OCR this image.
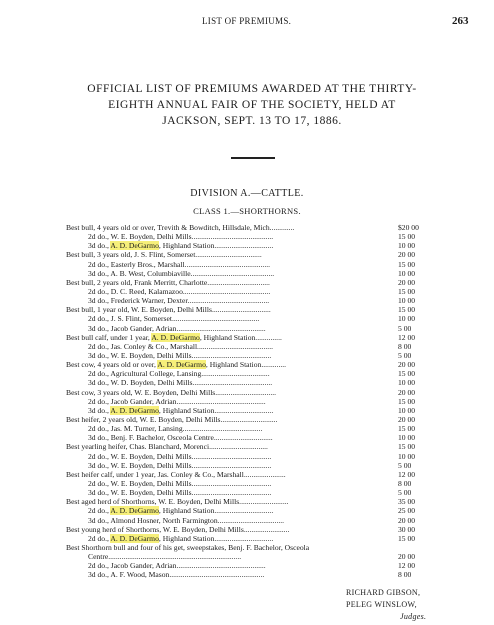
LIST OF PREMIUMS.	263
OFFICIAL LIST OF PREMIUMS AWARDED AT THE THIRTY-
EIGHTH ANNUAL FAIR OF THE SOCIETY, HELD AT
JACKSON, SEPT. 13 TO 17, 1886.
DIVISION A.—CATTLE.
CLASS 1.—SHORTHORNS.
Best bull, 4 years old or over, Trevith & Bowditch, Hillsdale, Mich.............	$20 00
2d do., W. E. Boyden, Delhi Mills...........................................	15 00
3d do., A. D. DeGarmo, Highland Station...............................	10 00
Best bull, 3 years old, J. S. Flint, Somerset...................................	20 00
2d do., Easterly Bros., Marshall.............................................	15 00
3d do., A. B. West, Columbiaville............................................	10 00
Best bull, 2 years old, Frank Merritt, Charlotte.................................	20 00
2d do., D. C. Reed, Kalamazoo..............................................	15 00
3d do., Frederick Warner, Dexter...........................................	10 00
Best bull, 1 year old, W. E. Boyden, Delhi Mills...............................	15 00
2d do., J. S. Flint, Somerset..............................................	10 00
3d do., Jacob Gander, Adrian...............................................	5 00
Best bull calf, under 1 year, A. D. DeGarmo, Highland Station..............	12 00
2d do., Jas. Conley & Co., Marshall........................................	8 00
3d do., W. E. Boyden, Delhi Mills..........................................	5 00
Best cow, 4 years old or over, A. D. DeGarmo, Highland Station.............	20 00
2d do., Agricultural College, Lansing....................................	15 00
3d do., W. D. Boyden, Delhi Mills..........................................	10 00
Best cow, 3 years old, W. E. Boyden, Delhi Mills................................	20 00
2d do., Jacob Gander, Adrian...............................................	15 00
3d do., A. D. DeGarmo, Highland Station...............................	10 00
Best heifer, 2 years old, W. E. Boyden, Delhi Mills..............................	20 00
2d do., Jas. M. Turner, Lansing..........................................	15 00
3d do., Benj. F. Bachelor, Osceola Centre...............................	10 00
Best yearling heifer, Chas. Blanchard, Morenci...............................	15 00
2d do., W. E. Boyden, Delhi Mills..........................................	10 00
3d do., W. E. Boyden, Delhi Mills..........................................	5 00
Best heifer calf, under 1 year, Jas. Conley & Co., Marshall......................	12 00
2d do., W. E. Boyden, Delhi Mills..........................................	8 00
3d do., W. E. Boyden, Delhi Mills..........................................	5 00
Best aged herd of Shorthorns, W. E. Boyden, Delhi Mills..........................	35 00
2d do., A. D. DeGarmo, Highland Station...............................	25 00
3d do., Almond Hosner, North Farmington...................................	20 00
Best young herd of Shorthorns, W. E. Boyden, Delhi Mills........................	30 00
2d do., A. D. DeGarmo, Highland Station...............................	15 00
Best Shorthorn bull and four of his get, sweepstakes, Benj. F. Bachelor, Osceola
Centre......................................................................	20 00
2d do., Jacob Gander, Adrian...............................................	12 00
3d do., A. F. Wood, Mason..................................................	8 00
RICHARD GIBSON,
PELEG WINSLOW,
Judges.
